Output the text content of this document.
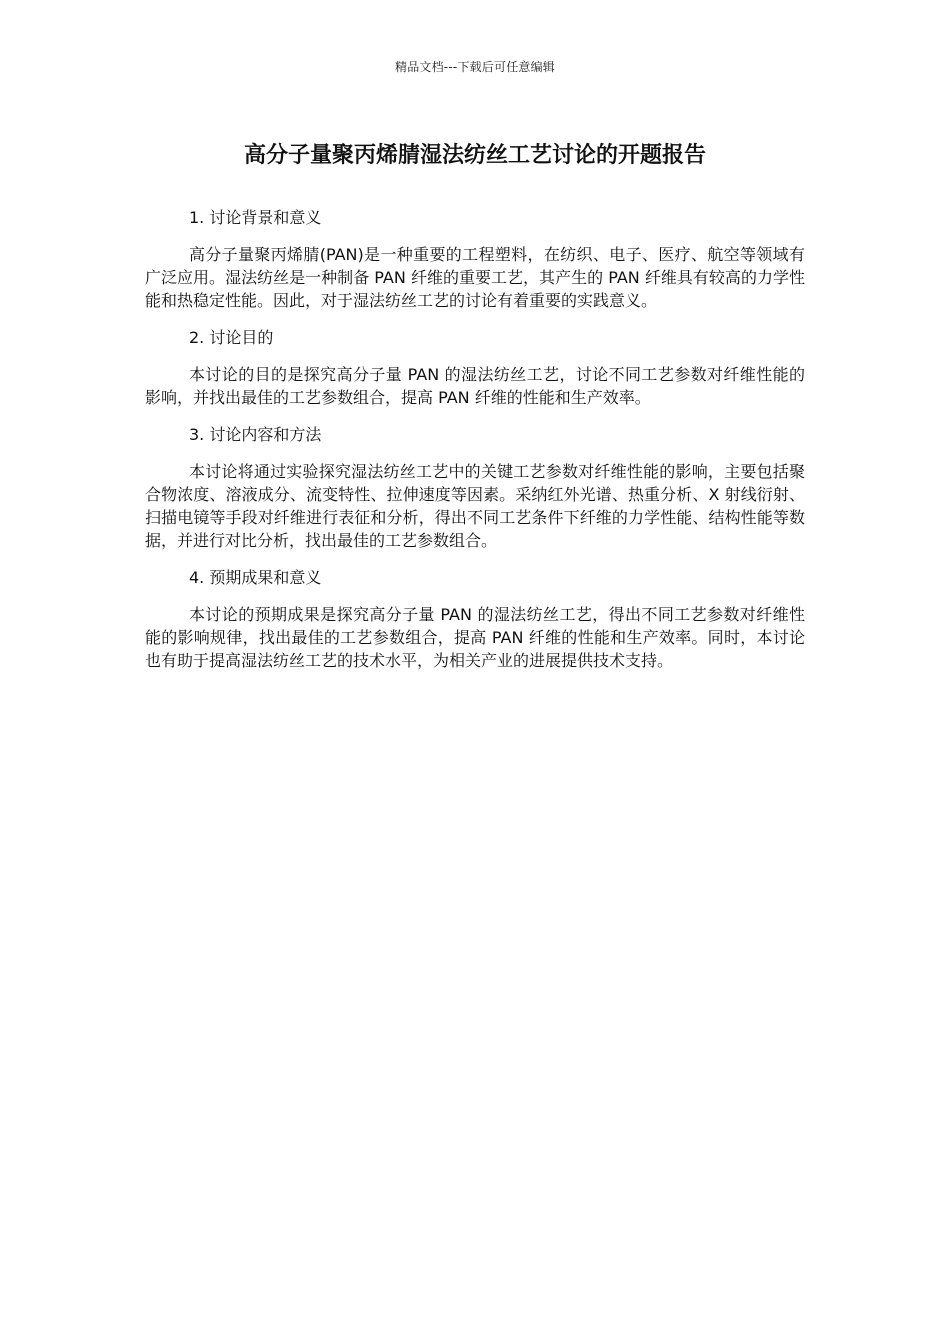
精品文档---下载后可任意编辑
高分子量聚丙烯腈湿法纺丝工艺讨论的开题报告

1. 讨论背景和意义

高分子量聚丙烯腈(PAN)是一种重要的工程塑料，在纺织、电子、医疗、航空等领域有广泛应用。湿法纺丝是一种制备 PAN 纤维的重要工艺，其产生的 PAN 纤维具有较高的力学性能和热稳定性能。因此，对于湿法纺丝工艺的讨论有着重要的实践意义。

2. 讨论目的

本讨论的目的是探究高分子量 PAN 的湿法纺丝工艺，讨论不同工艺参数对纤维性能的影响，并找出最佳的工艺参数组合，提高 PAN 纤维的性能和生产效率。

3. 讨论内容和方法

本讨论将通过实验探究湿法纺丝工艺中的关键工艺参数对纤维性能的影响，主要包括聚合物浓度、溶液成分、流变特性、拉伸速度等因素。采纳红外光谱、热重分析、X 射线衍射、扫描电镜等手段对纤维进行表征和分析，得出不同工艺条件下纤维的力学性能、结构性能等数据，并进行对比分析，找出最佳的工艺参数组合。

4. 预期成果和意义

本讨论的预期成果是探究高分子量 PAN 的湿法纺丝工艺，得出不同工艺参数对纤维性能的影响规律，找出最佳的工艺参数组合，提高 PAN 纤维的性能和生产效率。同时，本讨论也有助于提高湿法纺丝工艺的技术水平，为相关产业的进展提供技术支持。
